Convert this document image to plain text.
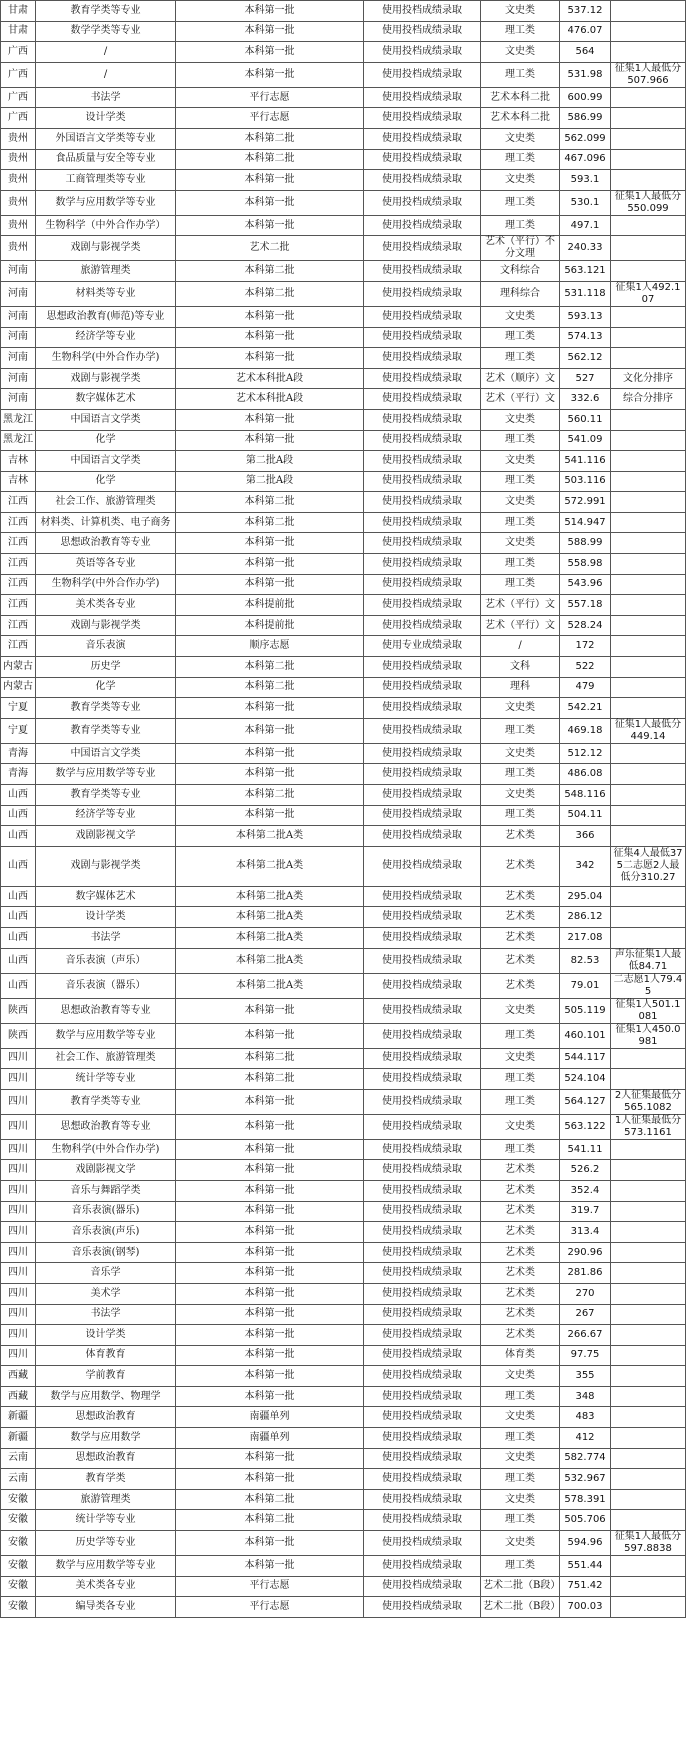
甘肃	教育学类等专业	本科第一批	使用投档成绩录取	文史类	537.12	
甘肃	数学学类等专业	本科第一批	使用投档成绩录取	理工类	476.07	
广西	/	本科第一批	使用投档成绩录取	文史类	564	
广西	/	本科第一批	使用投档成绩录取	理工类	531.98	征集1人最低分507.966
广西	书法学	平行志愿	使用投档成绩录取	艺术本科二批	600.99	
广西	设计学类	平行志愿	使用投档成绩录取	艺术本科二批	586.99	
贵州	外国语言文学类等专业	本科第二批	使用投档成绩录取	文史类	562.099	
贵州	食品质量与安全等专业	本科第二批	使用投档成绩录取	理工类	467.096	
贵州	工商管理类等专业	本科第一批	使用投档成绩录取	文史类	593.1	
贵州	数学与应用数学等专业	本科第一批	使用投档成绩录取	理工类	530.1	征集1人最低分550.099
贵州	生物科学（中外合作办学）	本科第一批	使用投档成绩录取	理工类	497.1	
贵州	戏剧与影视学类	艺术二批	使用投档成绩录取	艺术（平行）不分文理	240.33	
河南	旅游管理类	本科第二批	使用投档成绩录取	文科综合	563.121	
河南	材料类等专业	本科第二批	使用投档成绩录取	理科综合	531.118	征集1人492.107
河南	思想政治教育(师范)等专业	本科第一批	使用投档成绩录取	文史类	593.13	
河南	经济学等专业	本科第一批	使用投档成绩录取	理工类	574.13	
河南	生物科学(中外合作办学)	本科第一批	使用投档成绩录取	理工类	562.12	
河南	戏剧与影视学类	艺术本科批A段	使用投档成绩录取	艺术（顺序）文	527	文化分排序
河南	数字媒体艺术	艺术本科批A段	使用投档成绩录取	艺术（平行）文	332.6	综合分排序
黑龙江	中国语言文学类	本科第一批	使用投档成绩录取	文史类	560.11	
黑龙江	化学	本科第一批	使用投档成绩录取	理工类	541.09	
吉林	中国语言文学类	第二批A段	使用投档成绩录取	文史类	541.116	
吉林	化学	第二批A段	使用投档成绩录取	理工类	503.116	
江西	社会工作、旅游管理类	本科第二批	使用投档成绩录取	文史类	572.991	
江西	材料类、计算机类、电子商务	本科第二批	使用投档成绩录取	理工类	514.947	
江西	思想政治教育等专业	本科第一批	使用投档成绩录取	文史类	588.99	
江西	英语等各专业	本科第一批	使用投档成绩录取	理工类	558.98	
江西	生物科学(中外合作办学)	本科第一批	使用投档成绩录取	理工类	543.96	
江西	美术类各专业	本科提前批	使用投档成绩录取	艺术（平行）文	557.18	
江西	戏剧与影视学类	本科提前批	使用投档成绩录取	艺术（平行）文	528.24	
江西	音乐表演	顺序志愿	使用专业成绩录取	/	172	
内蒙古	历史学	本科第二批	使用投档成绩录取	文科	522	
内蒙古	化学	本科第二批	使用投档成绩录取	理科	479	
宁夏	教育学类等专业	本科第一批	使用投档成绩录取	文史类	542.21	
宁夏	教育学类等专业	本科第一批	使用投档成绩录取	理工类	469.18	征集1人最低分449.14
青海	中国语言文学类	本科第一批	使用投档成绩录取	文史类	512.12	
青海	数学与应用数学等专业	本科第一批	使用投档成绩录取	理工类	486.08	
山西	教育学类等专业	本科第二批	使用投档成绩录取	文史类	548.116	
山西	经济学等专业	本科第一批	使用投档成绩录取	理工类	504.11	
山西	戏剧影视文学	本科第二批A类	使用投档成绩录取	艺术类	366	
山西	戏剧与影视学类	本科第二批A类	使用投档成绩录取	艺术类	342	征集4人最低375二志愿2人最低分310.27
山西	数字媒体艺术	本科第二批A类	使用投档成绩录取	艺术类	295.04	
山西	设计学类	本科第二批A类	使用投档成绩录取	艺术类	286.12	
山西	书法学	本科第二批A类	使用投档成绩录取	艺术类	217.08	
山西	音乐表演（声乐）	本科第二批A类	使用投档成绩录取	艺术类	82.53	声乐征集1人最低84.71
山西	音乐表演（器乐）	本科第二批A类	使用投档成绩录取	艺术类	79.01	二志愿1人79.45
陕西	思想政治教育等专业	本科第一批	使用投档成绩录取	文史类	505.119	征集1人501.1081
陕西	数学与应用数学等专业	本科第一批	使用投档成绩录取	理工类	460.101	征集1人450.0981
四川	社会工作、旅游管理类	本科第二批	使用投档成绩录取	文史类	544.117	
四川	统计学等专业	本科第二批	使用投档成绩录取	理工类	524.104	
四川	教育学类等专业	本科第一批	使用投档成绩录取	理工类	564.127	2人征集最低分565.1082
四川	思想政治教育等专业	本科第一批	使用投档成绩录取	文史类	563.122	1人征集最低分573.1161
四川	生物科学(中外合作办学)	本科第一批	使用投档成绩录取	理工类	541.11	
四川	戏剧影视文学	本科第一批	使用投档成绩录取	艺术类	526.2	
四川	音乐与舞蹈学类	本科第一批	使用投档成绩录取	艺术类	352.4	
四川	音乐表演(器乐)	本科第一批	使用投档成绩录取	艺术类	319.7	
四川	音乐表演(声乐)	本科第一批	使用投档成绩录取	艺术类	313.4	
四川	音乐表演(钢琴)	本科第一批	使用投档成绩录取	艺术类	290.96	
四川	音乐学	本科第一批	使用投档成绩录取	艺术类	281.86	
四川	美术学	本科第一批	使用投档成绩录取	艺术类	270	
四川	书法学	本科第一批	使用投档成绩录取	艺术类	267	
四川	设计学类	本科第一批	使用投档成绩录取	艺术类	266.67	
四川	体育教育	本科第一批	使用投档成绩录取	体育类	97.75	
西藏	学前教育	本科第一批	使用投档成绩录取	文史类	355	
西藏	数学与应用数学、物理学	本科第一批	使用投档成绩录取	理工类	348	
新疆	思想政治教育	南疆单列	使用投档成绩录取	文史类	483	
新疆	数学与应用数学	南疆单列	使用投档成绩录取	理工类	412	
云南	思想政治教育	本科第一批	使用投档成绩录取	文史类	582.774	
云南	教育学类	本科第一批	使用投档成绩录取	理工类	532.967	
安徽	旅游管理类	本科第二批	使用投档成绩录取	文史类	578.391	
安徽	统计学等专业	本科第二批	使用投档成绩录取	理工类	505.706	
安徽	历史学等专业	本科第一批	使用投档成绩录取	文史类	594.96	征集1人最低分597.8838
安徽	数学与应用数学等专业	本科第一批	使用投档成绩录取	理工类	551.44	
安徽	美术类各专业	平行志愿	使用投档成绩录取	艺术二批（B段）	751.42	
安徽	编导类各专业	平行志愿	使用投档成绩录取	艺术二批（B段）	700.03	
